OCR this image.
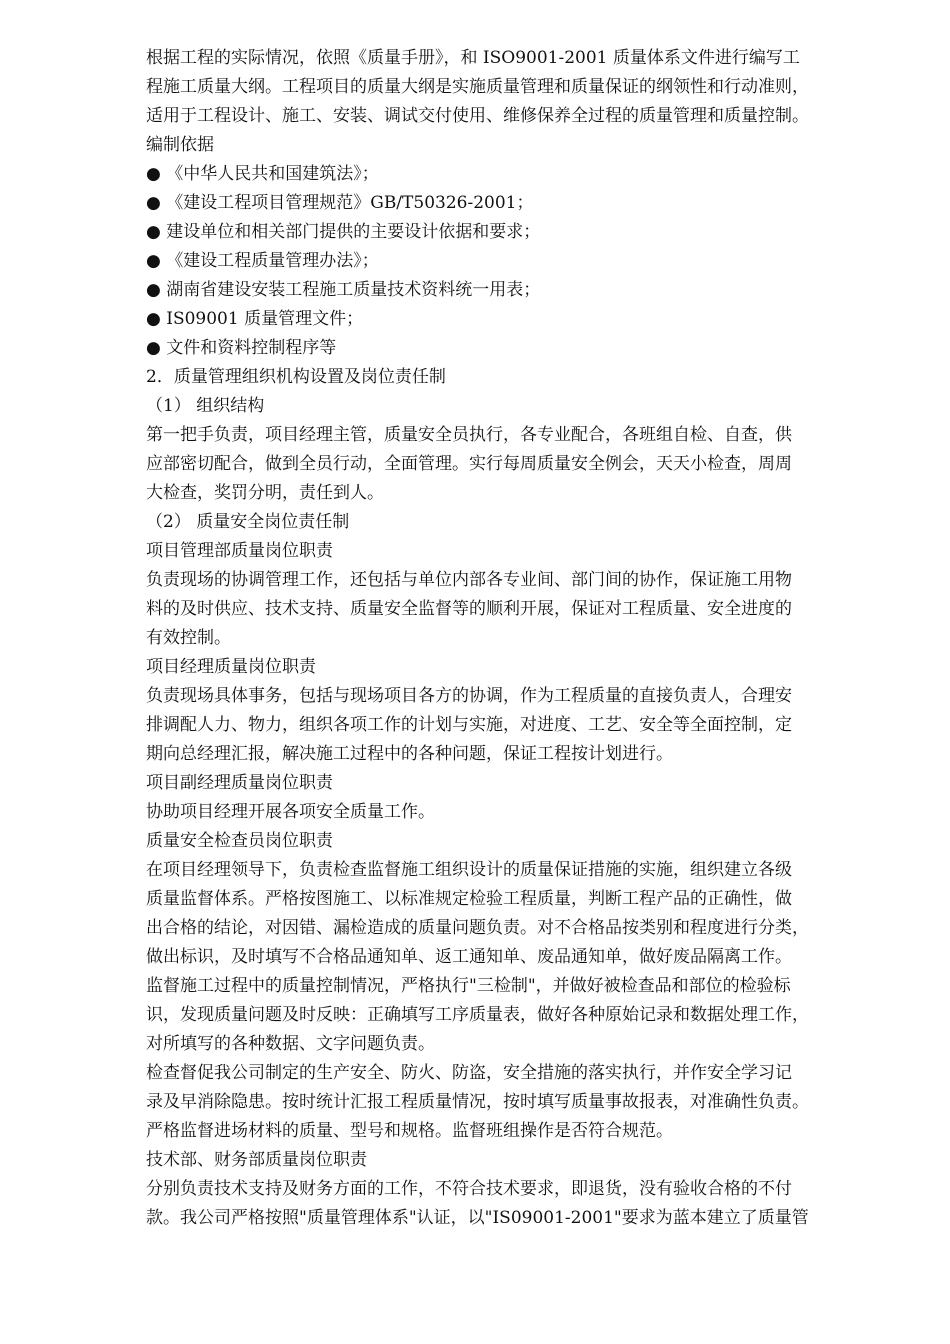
根据工程的实际情况，依照《质量手册》，和 ISO9001-2001 质量体系文件进行编写工
程施工质量大纲。工程项目的质量大纲是实施质量管理和质量保证的纲领性和行动准则，
适用于工程设计、施工、安装、调试交付使用、维修保养全过程的质量管理和质量控制。
编制依据
● 《中华人民共和国建筑法》；
● 《建设工程项目管理规范》GB/T50326-2001；
● 建设单位和相关部门提供的主要设计依据和要求；
● 《建设工程质量管理办法》；
● 湖南省建设安装工程施工质量技术资料统一用表；
● IS09001 质量管理文件；
● 文件和资料控制程序等
2．质量管理组织机构设置及岗位责任制
（1） 组织结构
第一把手负责，项目经理主管，质量安全员执行，各专业配合，各班组自检、自查，供
应部密切配合，做到全员行动，全面管理。实行每周质量安全例会，天天小检查，周周
大检查，奖罚分明，责任到人。
（2） 质量安全岗位责任制
项目管理部质量岗位职责
负责现场的协调管理工作，还包括与单位内部各专业间、部门间的协作，保证施工用物
料的及时供应、技术支持、质量安全监督等的顺利开展，保证对工程质量、安全进度的
有效控制。
项目经理质量岗位职责
负责现场具体事务，包括与现场项目各方的协调，作为工程质量的直接负责人，合理安
排调配人力、物力，组织各项工作的计划与实施，对进度、工艺、安全等全面控制，定
期向总经理汇报，解决施工过程中的各种问题，保证工程按计划进行。
项目副经理质量岗位职责
协助项目经理开展各项安全质量工作。
质量安全检查员岗位职责
在项目经理领导下，负责检查监督施工组织设计的质量保证措施的实施，组织建立各级
质量监督体系。严格按图施工、以标准规定检验工程质量，判断工程产品的正确性，做
出合格的结论，对因错、漏检造成的质量问题负责。对不合格品按类别和程度进行分类，
做出标识，及时填写不合格品通知单、返工通知单、废品通知单，做好废品隔离工作。
监督施工过程中的质量控制情况，严格执行"三检制"，并做好被检查品和部位的检验标
识，发现质量问题及时反映：正确填写工序质量表，做好各种原始记录和数据处理工作，
对所填写的各种数据、文字问题负责。
检查督促我公司制定的生产安全、防火、防盗，安全措施的落实执行，并作安全学习记
录及早消除隐患。按时统计汇报工程质量情况，按时填写质量事故报表，对准确性负责。
严格监督进场材料的质量、型号和规格。监督班组操作是否符合规范。
技术部、财务部质量岗位职责
分别负责技术支持及财务方面的工作，不符合技术要求，即退货，没有验收合格的不付
款。我公司严格按照"质量管理体系"认证，以"IS09001-2001"要求为蓝本建立了质量管
